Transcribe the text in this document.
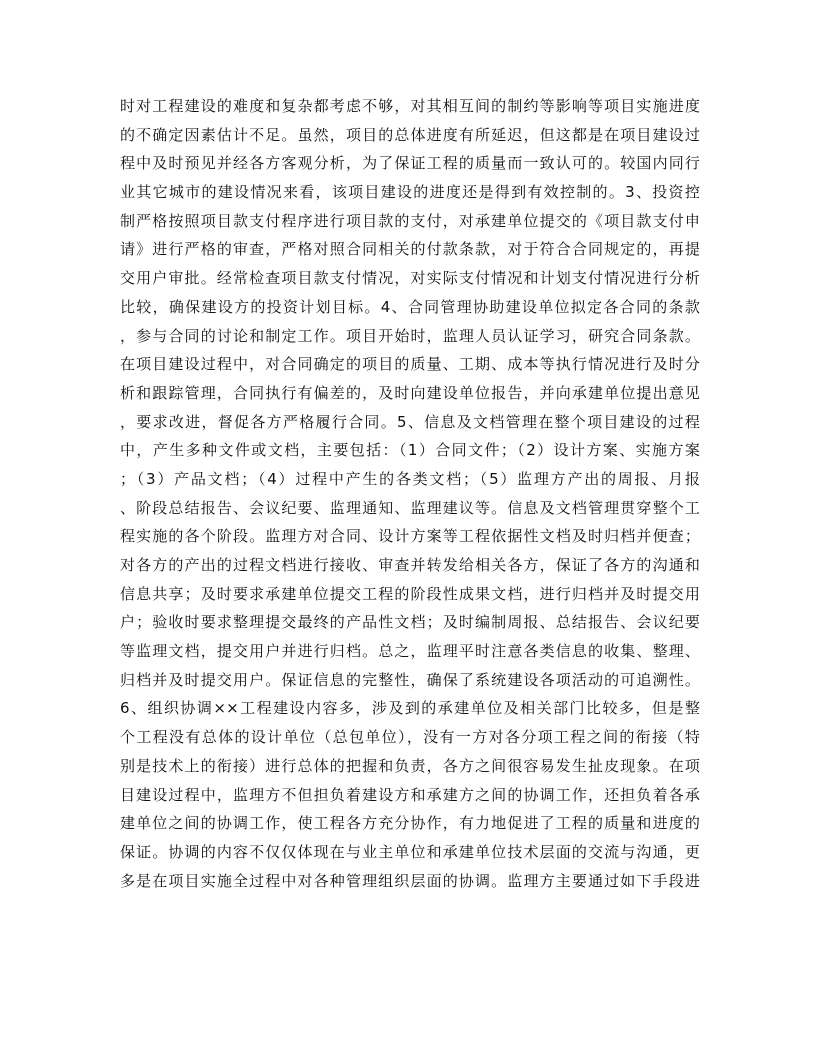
时对工程建设的难度和复杂都考虑不够，对其相互间的制约等影响等项目实施进度
的不确定因素估计不足。虽然，项目的总体进度有所延迟，但这都是在项目建设过
程中及时预见并经各方客观分析，为了保证工程的质量而一致认可的。较国内同行
业其它城市的建设情况来看，该项目建设的进度还是得到有效控制的。3、投资控
制严格按照项目款支付程序进行项目款的支付，对承建单位提交的《项目款支付申
请》进行严格的审查，严格对照合同相关的付款条款，对于符合合同规定的，再提
交用户审批。经常检查项目款支付情况，对实际支付情况和计划支付情况进行分析
比较，确保建设方的投资计划目标。4、合同管理协助建设单位拟定各合同的条款
，参与合同的讨论和制定工作。项目开始时，监理人员认证学习，研究合同条款。
在项目建设过程中，对合同确定的项目的质量、工期、成本等执行情况进行及时分
析和跟踪管理，合同执行有偏差的，及时向建设单位报告，并向承建单位提出意见
，要求改进，督促各方严格履行合同。5、信息及文档管理在整个项目建设的过程
中，产生多种文件或文档，主要包括：（1）合同文件；（2）设计方案、实施方案
；（3）产品文档；（4）过程中产生的各类文档；（5）监理方产出的周报、月报
、阶段总结报告、会议纪要、监理通知、监理建议等。信息及文档管理贯穿整个工
程实施的各个阶段。监理方对合同、设计方案等工程依据性文档及时归档并便查；
对各方的产出的过程文档进行接收、审查并转发给相关各方，保证了各方的沟通和
信息共享；及时要求承建单位提交工程的阶段性成果文档，进行归档并及时提交用
户；验收时要求整理提交最终的产品性文档；及时编制周报、总结报告、会议纪要
等监理文档，提交用户并进行归档。总之，监理平时注意各类信息的收集、整理、
归档并及时提交用户。保证信息的完整性，确保了系统建设各项活动的可追溯性。
6、组织协调××工程建设内容多，涉及到的承建单位及相关部门比较多，但是整
个工程没有总体的设计单位（总包单位），没有一方对各分项工程之间的衔接（特
别是技术上的衔接）进行总体的把握和负责，各方之间很容易发生扯皮现象。在项
目建设过程中，监理方不但担负着建设方和承建方之间的协调工作，还担负着各承
建单位之间的协调工作，使工程各方充分协作，有力地促进了工程的质量和进度的
保证。协调的内容不仅仅体现在与业主单位和承建单位技术层面的交流与沟通，更
多是在项目实施全过程中对各种管理组织层面的协调。监理方主要通过如下手段进
